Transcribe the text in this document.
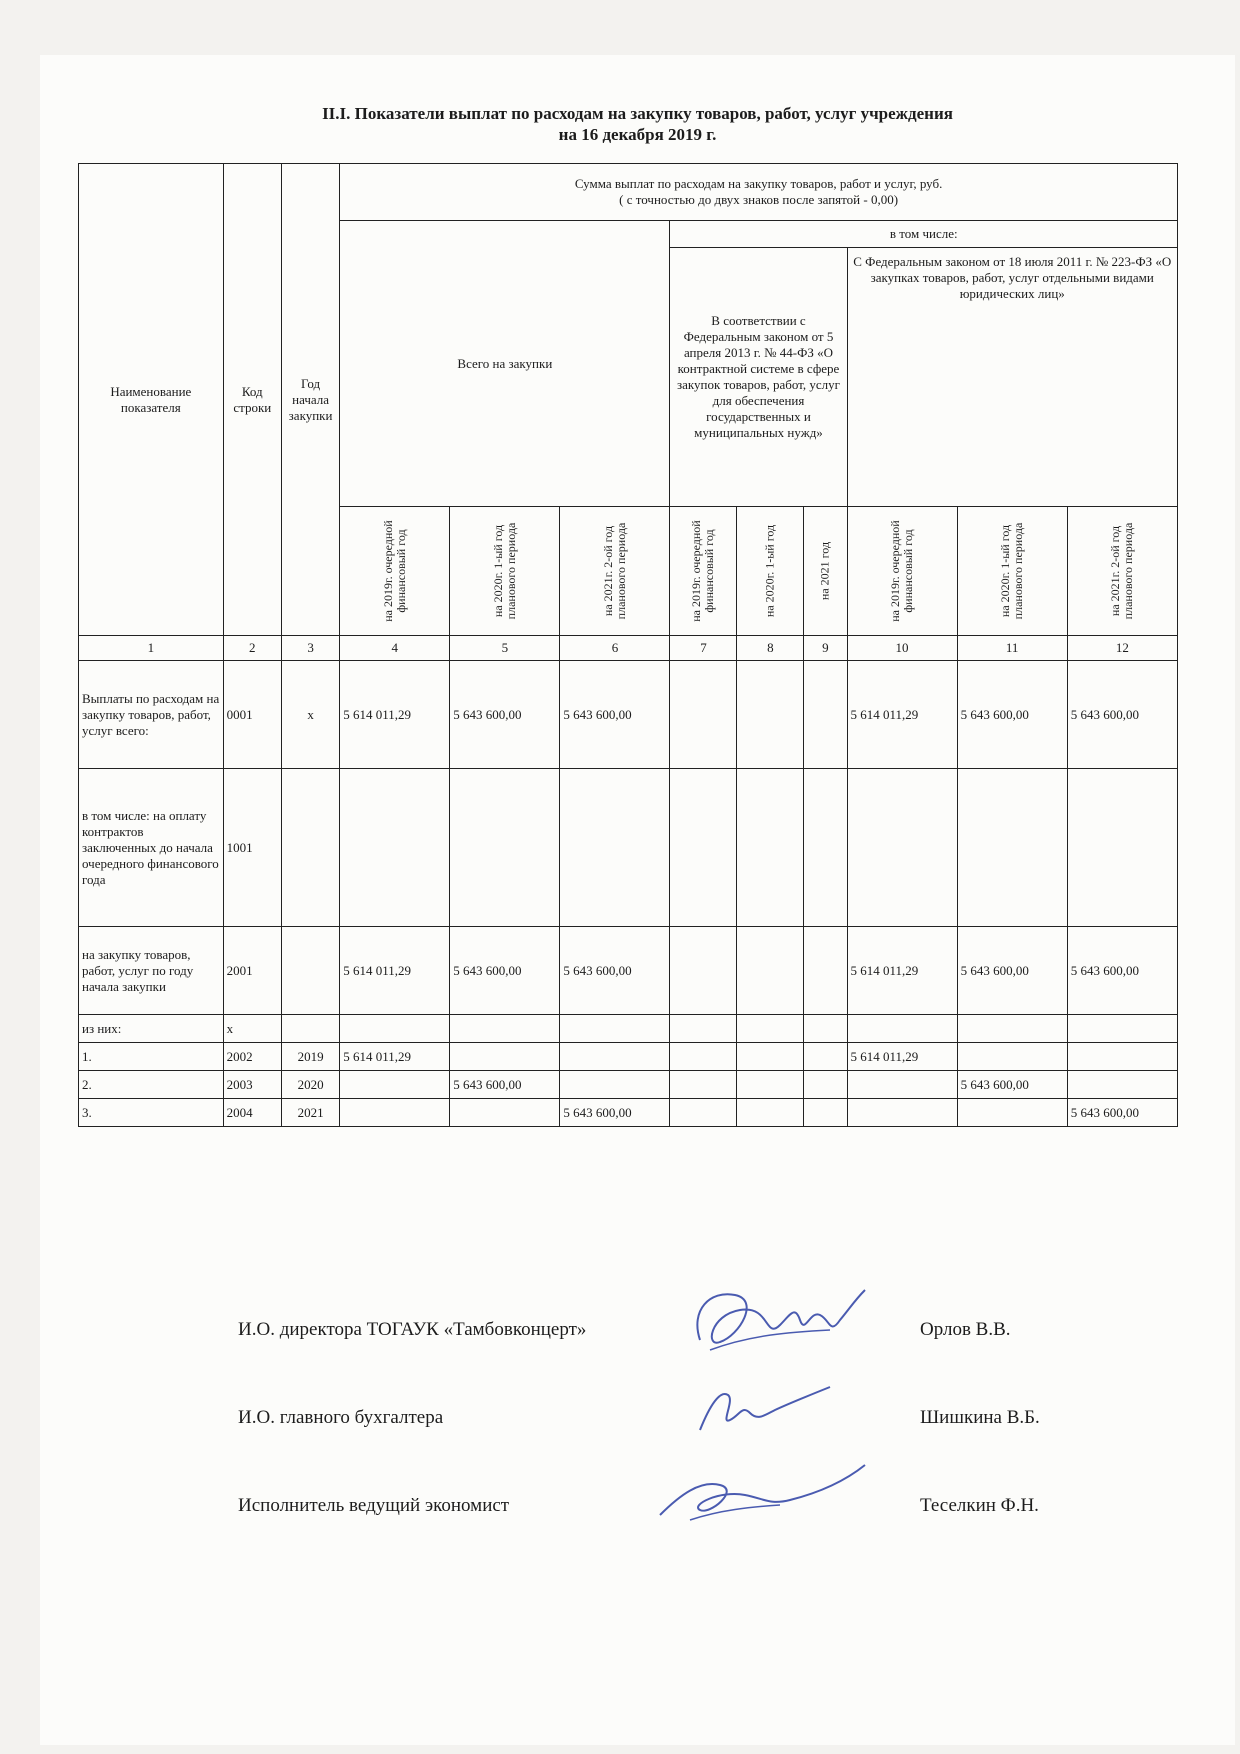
II.I. Показатели выплат по расходам на закупку товаров, работ, услуг учреждения
на 16 декабря 2019 г.
Наименование показателя	Код строки	Год начала закупки	Сумма выплат по расходам на закупку товаров, работ и услуг, руб.
( с точностью до двух знаков после запятой - 0,00)								

			Всего на закупки			в том числе:					
						В соответствии с Федеральным законом от 5 апреля 2013 г. № 44-ФЗ «О контрактной системе в сфере закупок товаров, работ, услуг для обеспечения государственных и муниципальных нужд»			С Федеральным законом от 18 июля 2011 г. № 223-ФЗ «О закупках товаров, работ, услуг отдельными видами юридических лиц»		

			на 2019г. очередной финансовый год	на 2020г. 1-ый год планового периода	на 2021г. 2-ой год планового периода	на 2019г. очередной финансовый год	на 2020г. 1-ый год	на 2021 год	на 2019г. очередной финансовый год	на 2020г. 1-ый год планового периода	на 2021г. 2-ой год планового периода

1	2	3	4	5	6	7	8	9	10	11	12
Выплаты по расходам на закупку товаров, работ, услуг всего:	0001	х	5 614 011,29	5 643 600,00	5 643 600,00				5 614 011,29	5 643 600,00	5 643 600,00
в том числе: на оплату контрактов заключенных до начала очередного финансового года	1001										
на закупку товаров, работ, услуг по году начала закупки	2001		5 614 011,29	5 643 600,00	5 643 600,00				5 614 011,29	5 643 600,00	5 643 600,00
из них:	х										
1.	2002	2019	5 614 011,29						5 614 011,29		
2.	2003	2020		5 643 600,00						5 643 600,00	
3.	2004	2021			5 643 600,00						5 643 600,00
И.О. директора ТОГАУК «Тамбовконцерт»	Орлов В.В.
И.О. главного бухгалтера	Шишкина В.Б.
Исполнитель ведущий экономист	Теселкин Ф.Н.
